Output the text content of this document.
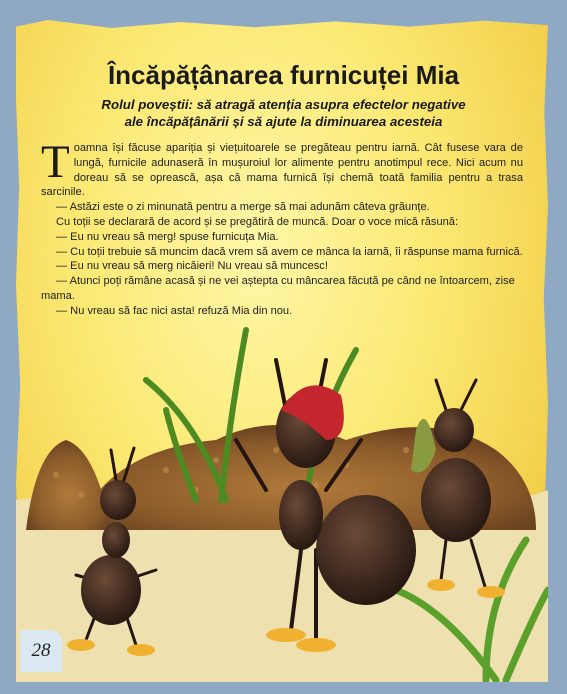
Încăpățânarea furnicuței Mia
Rolul poveștii: să atragă atenția asupra efectelor negative
ale încăpățânării și să ajute la diminuarea acesteia

Toamna își făcuse apariția și viețuitoarele se pregăteau pentru iarnă. Cât fusese vara de lungă, furnicile adunaseră în mușuroiul lor alimente pentru anotimpul rece. Nici acum nu doreau să se oprească, așa că mama furnică își chemă toată familia pentru a trasa sarcinile.

— Astăzi este o zi minunată pentru a merge să mai adunăm câteva grăunțe.

Cu toții se declarară de acord și se pregătiră de muncă. Doar o voce mică răsună:

— Eu nu vreau să merg! spuse furnicuța Mia.

— Cu toții trebuie să muncim dacă vrem să avem ce mânca la iarnă, îi răspunse mama furnică.

— Eu nu vreau să merg nicăieri! Nu vreau să muncesc!

— Atunci poți rămâne acasă și ne vei aștepta cu mâncarea făcută pe când ne întoarcem, zise mama.

— Nu vreau să fac nici asta! refuză Mia din nou.

28
